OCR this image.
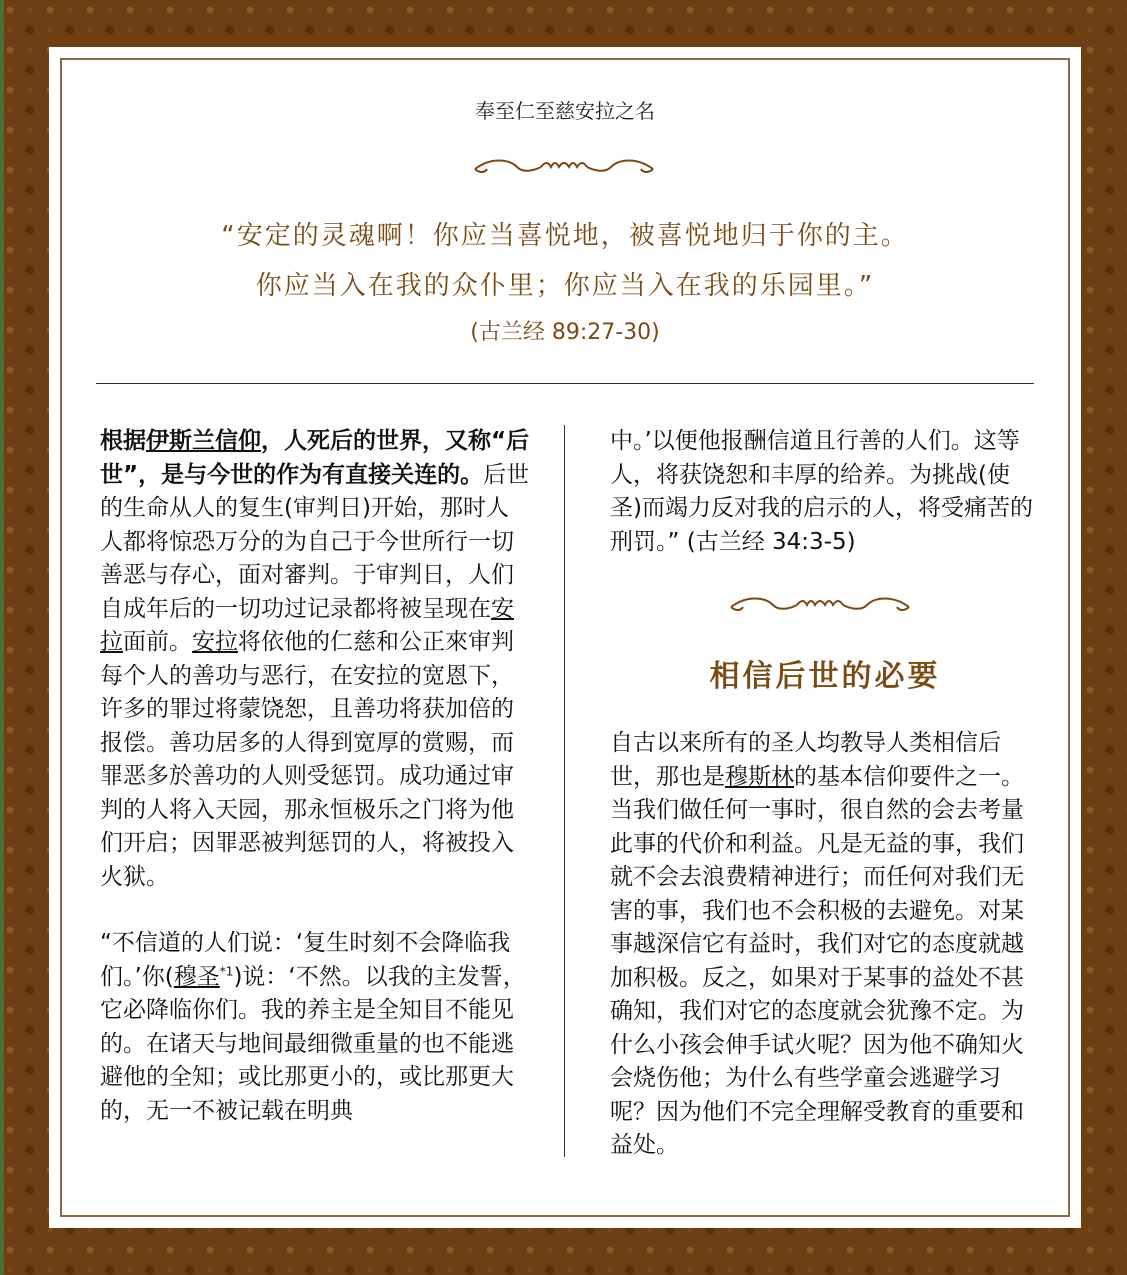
奉至仁至慈安拉之名
“安定的灵魂啊！你应当喜悦地，被喜悦地归于你的主。
你应当入在我的众仆里；你应当入在我的乐园里。”
(古兰经 89:27-30)

根据伊斯兰信仰，人死后的世界，又称“后世”，是与今世的作为有直接关连的。后世的生命从人的复生(审判日)开始，那时人人都将惊恐万分的为自己于今世所行一切善恶与存心，面对審判。于审判日，人们自成年后的一切功过记录都将被呈现在安拉面前。安拉将依他的仁慈和公正來审判每个人的善功与恶行，在安拉的宽恩下，许多的罪过将蒙饶恕，且善功将获加倍的报偿。善功居多的人得到宽厚的赏赐，而罪恶多於善功的人则受惩罚。成功通过审判的人将入天园，那永恒极乐之门将为他们开启；因罪恶被判惩罚的人，将被投入火狱。

“不信道的人们说：‘复生时刻不会降临我们。’你(穆圣$^{*1}$)说：‘不然。以我的主发誓，它必降临你们。我的养主是全知目不能见的。在诸天与地间最细微重量的也不能逃避他的全知；或比那更小的，或比那更大的，无一不被记载在明典

中。’以便他报酬信道且行善的人们。这等人，将获饶恕和丰厚的给养。为挑战(使圣)而竭力反对我的启示的人，将受痛苦的刑罚。” (古兰经 34:3-5)

相信后世的必要

自古以来所有的圣人均教导人类相信后世，那也是穆斯林的基本信仰要件之一。当我们做任何一事时，很自然的会去考量此事的代价和利益。凡是无益的事，我们就不会去浪费精神进行；而任何对我们无害的事，我们也不会积极的去避免。对某事越深信它有益时，我们对它的态度就越加积极。反之，如果对于某事的益处不甚确知，我们对它的态度就会犹豫不定。为什么小孩会伸手试火呢？因为他不确知火会烧伤他；为什么有些学童会逃避学习呢？因为他们不完全理解受教育的重要和益处。
